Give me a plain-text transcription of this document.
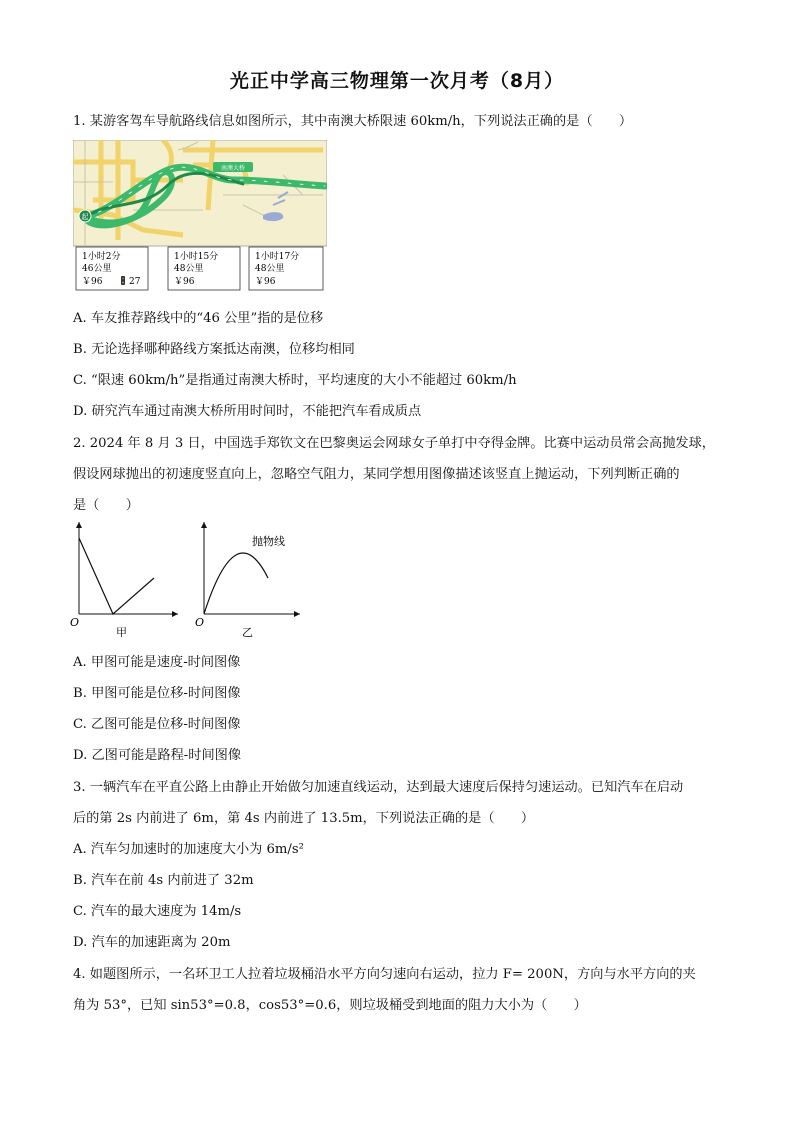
光正中学高三物理第一次月考（8月）
1. 某游客驾车导航路线信息如图所示，其中南澳大桥限速 60km/h，下列说法正确的是（　　）
南澳大桥
起
1小时2分
46公里
￥96	27
1小时15分
48公里
￥96
1小时17分
48公里
￥96
A. 车友推荐路线中的“46 公里”指的是位移
B. 无论选择哪种路线方案抵达南澳，位移均相同
C. “限速 60km/h”是指通过南澳大桥时，平均速度的大小不能超过 60km/h
D. 研究汽车通过南澳大桥所用时间时，不能把汽车看成质点
2. 2024 年 8 月 3 日，中国选手郑钦文在巴黎奥运会网球女子单打中夺得金牌。比赛中运动员常会高抛发球，
假设网球抛出的初速度竖直向上，忽略空气阻力，某同学想用图像描述该竖直上抛运动，下列判断正确的
是（　　）
O
甲
抛物线
O
乙
A. 甲图可能是速度-时间图像
B. 甲图可能是位移-时间图像
C. 乙图可能是位移-时间图像
D. 乙图可能是路程-时间图像
3. 一辆汽车在平直公路上由静止开始做匀加速直线运动，达到最大速度后保持匀速运动。已知汽车在启动
后的第 2s 内前进了 6m，第 4s 内前进了 13.5m，下列说法正确的是（　　）
A. 汽车匀加速时的加速度大小为 6m/s²
B. 汽车在前 4s 内前进了 32m
C. 汽车的最大速度为 14m/s
D. 汽车的加速距离为 20m
4. 如题图所示，一名环卫工人拉着垃圾桶沿水平方向匀速向右运动，拉力 F= 200N，方向与水平方向的夹
角为 53°，已知 sin53°=0.8，cos53°=0.6，则垃圾桶受到地面的阻力大小为（　　）
